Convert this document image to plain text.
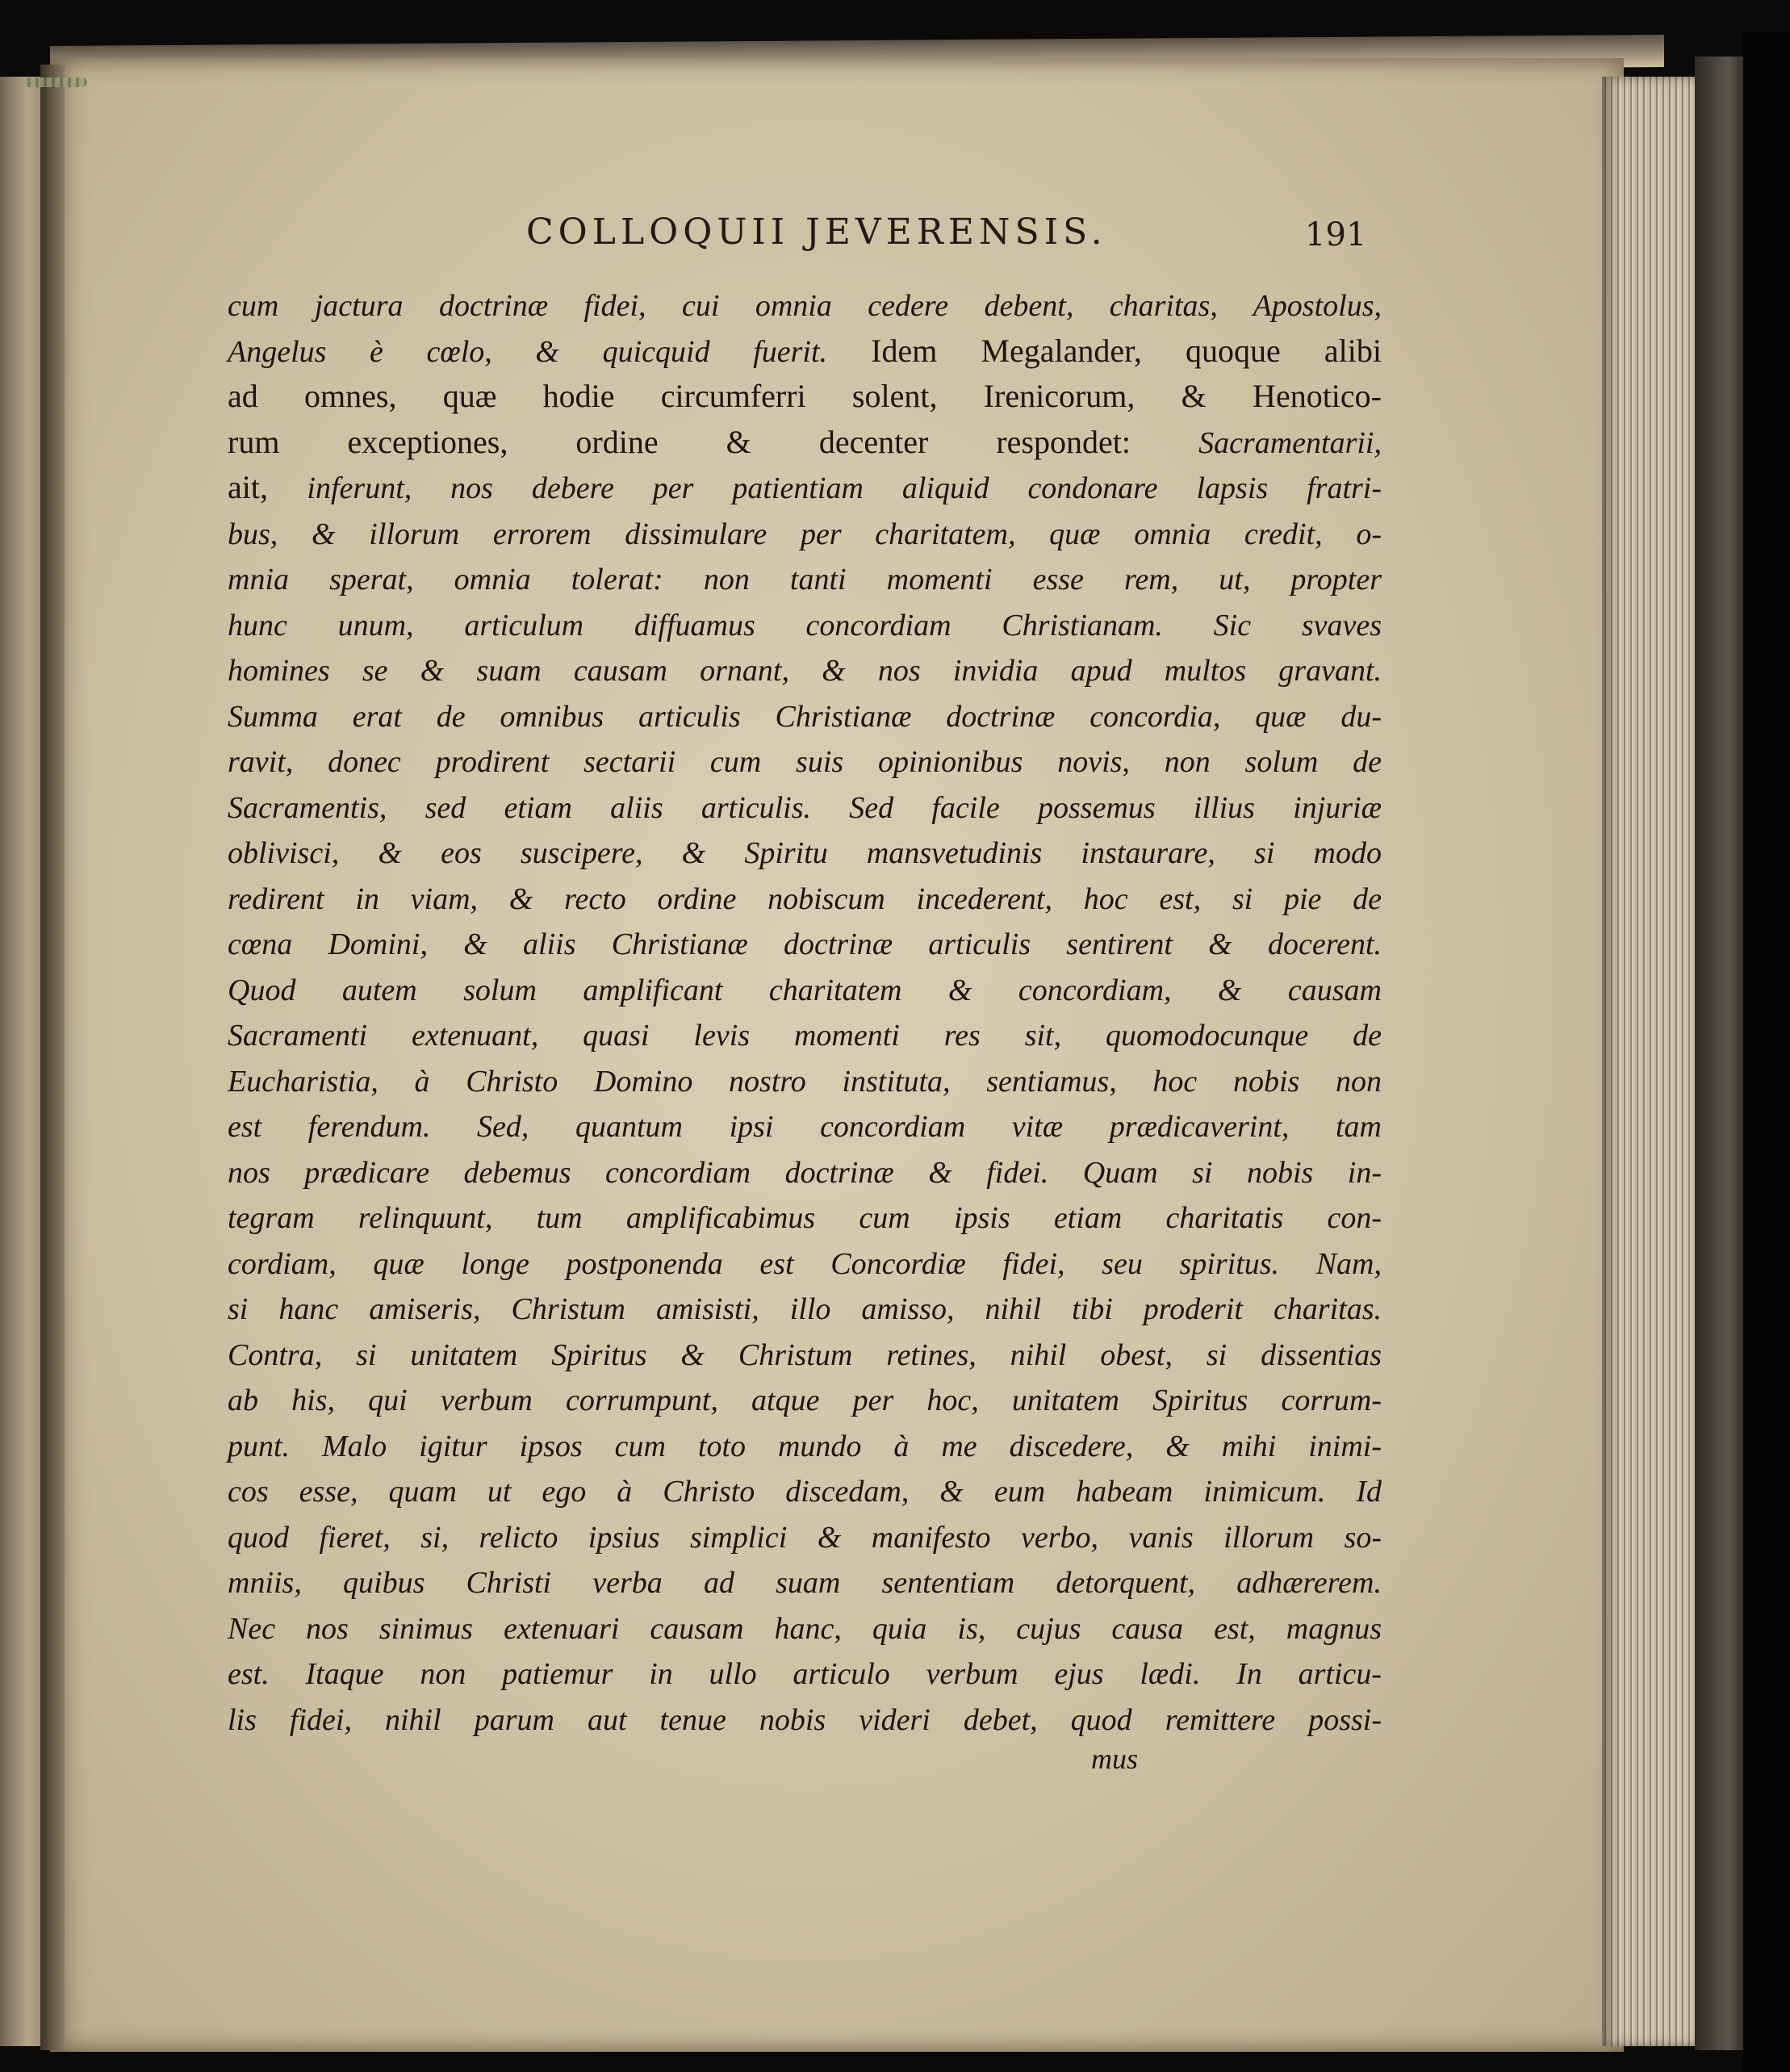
COLLOQUII JEVERENSIS.	191
cum jactura doctrinæ fidei, cui omnia cedere debent, charitas, Apostolus,
Angelus è cœlo, & quicquid fuerit. Idem Megalander, quoque alibi
ad omnes, quæ hodie circumferri solent, Irenicorum, & Henotico-
rum exceptiones, ordine & decenter respondet: Sacramentarii,
ait, inferunt, nos debere per patientiam aliquid condonare lapsis fratri-
bus, & illorum errorem dissimulare per charitatem, quæ omnia credit, o-
mnia sperat, omnia tolerat: non tanti momenti esse rem, ut, propter
hunc unum, articulum diffuamus concordiam Christianam. Sic svaves
homines se & suam causam ornant, & nos invidia apud multos gravant.
Summa erat de omnibus articulis Christianæ doctrinæ concordia, quæ du-
ravit, donec prodirent sectarii cum suis opinionibus novis, non solum de
Sacramentis, sed etiam aliis articulis. Sed facile possemus illius injuriæ
oblivisci, & eos suscipere, & Spiritu mansvetudinis instaurare, si modo
redirent in viam, & recto ordine nobiscum incederent, hoc est, si pie de
cœna Domini, & aliis Christianæ doctrinæ articulis sentirent & docerent.
Quod autem solum amplificant charitatem & concordiam, & causam
Sacramenti extenuant, quasi levis momenti res sit, quomodocunque de
Eucharistia, à Christo Domino nostro instituta, sentiamus, hoc nobis non
est ferendum. Sed, quantum ipsi concordiam vitæ prædicaverint, tam
nos prædicare debemus concordiam doctrinæ & fidei. Quam si nobis in-
tegram relinquunt, tum amplificabimus cum ipsis etiam charitatis con-
cordiam, quæ longe postponenda est Concordiæ fidei, seu spiritus. Nam,
si hanc amiseris, Christum amisisti, illo amisso, nihil tibi proderit charitas.
Contra, si unitatem Spiritus & Christum retines, nihil obest, si dissentias
ab his, qui verbum corrumpunt, atque per hoc, unitatem Spiritus corrum-
punt. Malo igitur ipsos cum toto mundo à me discedere, & mihi inimi-
cos esse, quam ut ego à Christo discedam, & eum habeam inimicum. Id
quod fieret, si, relicto ipsius simplici & manifesto verbo, vanis illorum so-
mniis, quibus Christi verba ad suam sententiam detorquent, adhærerem.
Nec nos sinimus extenuari causam hanc, quia is, cujus causa est, magnus
est. Itaque non patiemur in ullo articulo verbum ejus lædi. In articu-
lis fidei, nihil parum aut tenue nobis videri debet, quod remittere possi-
mus
